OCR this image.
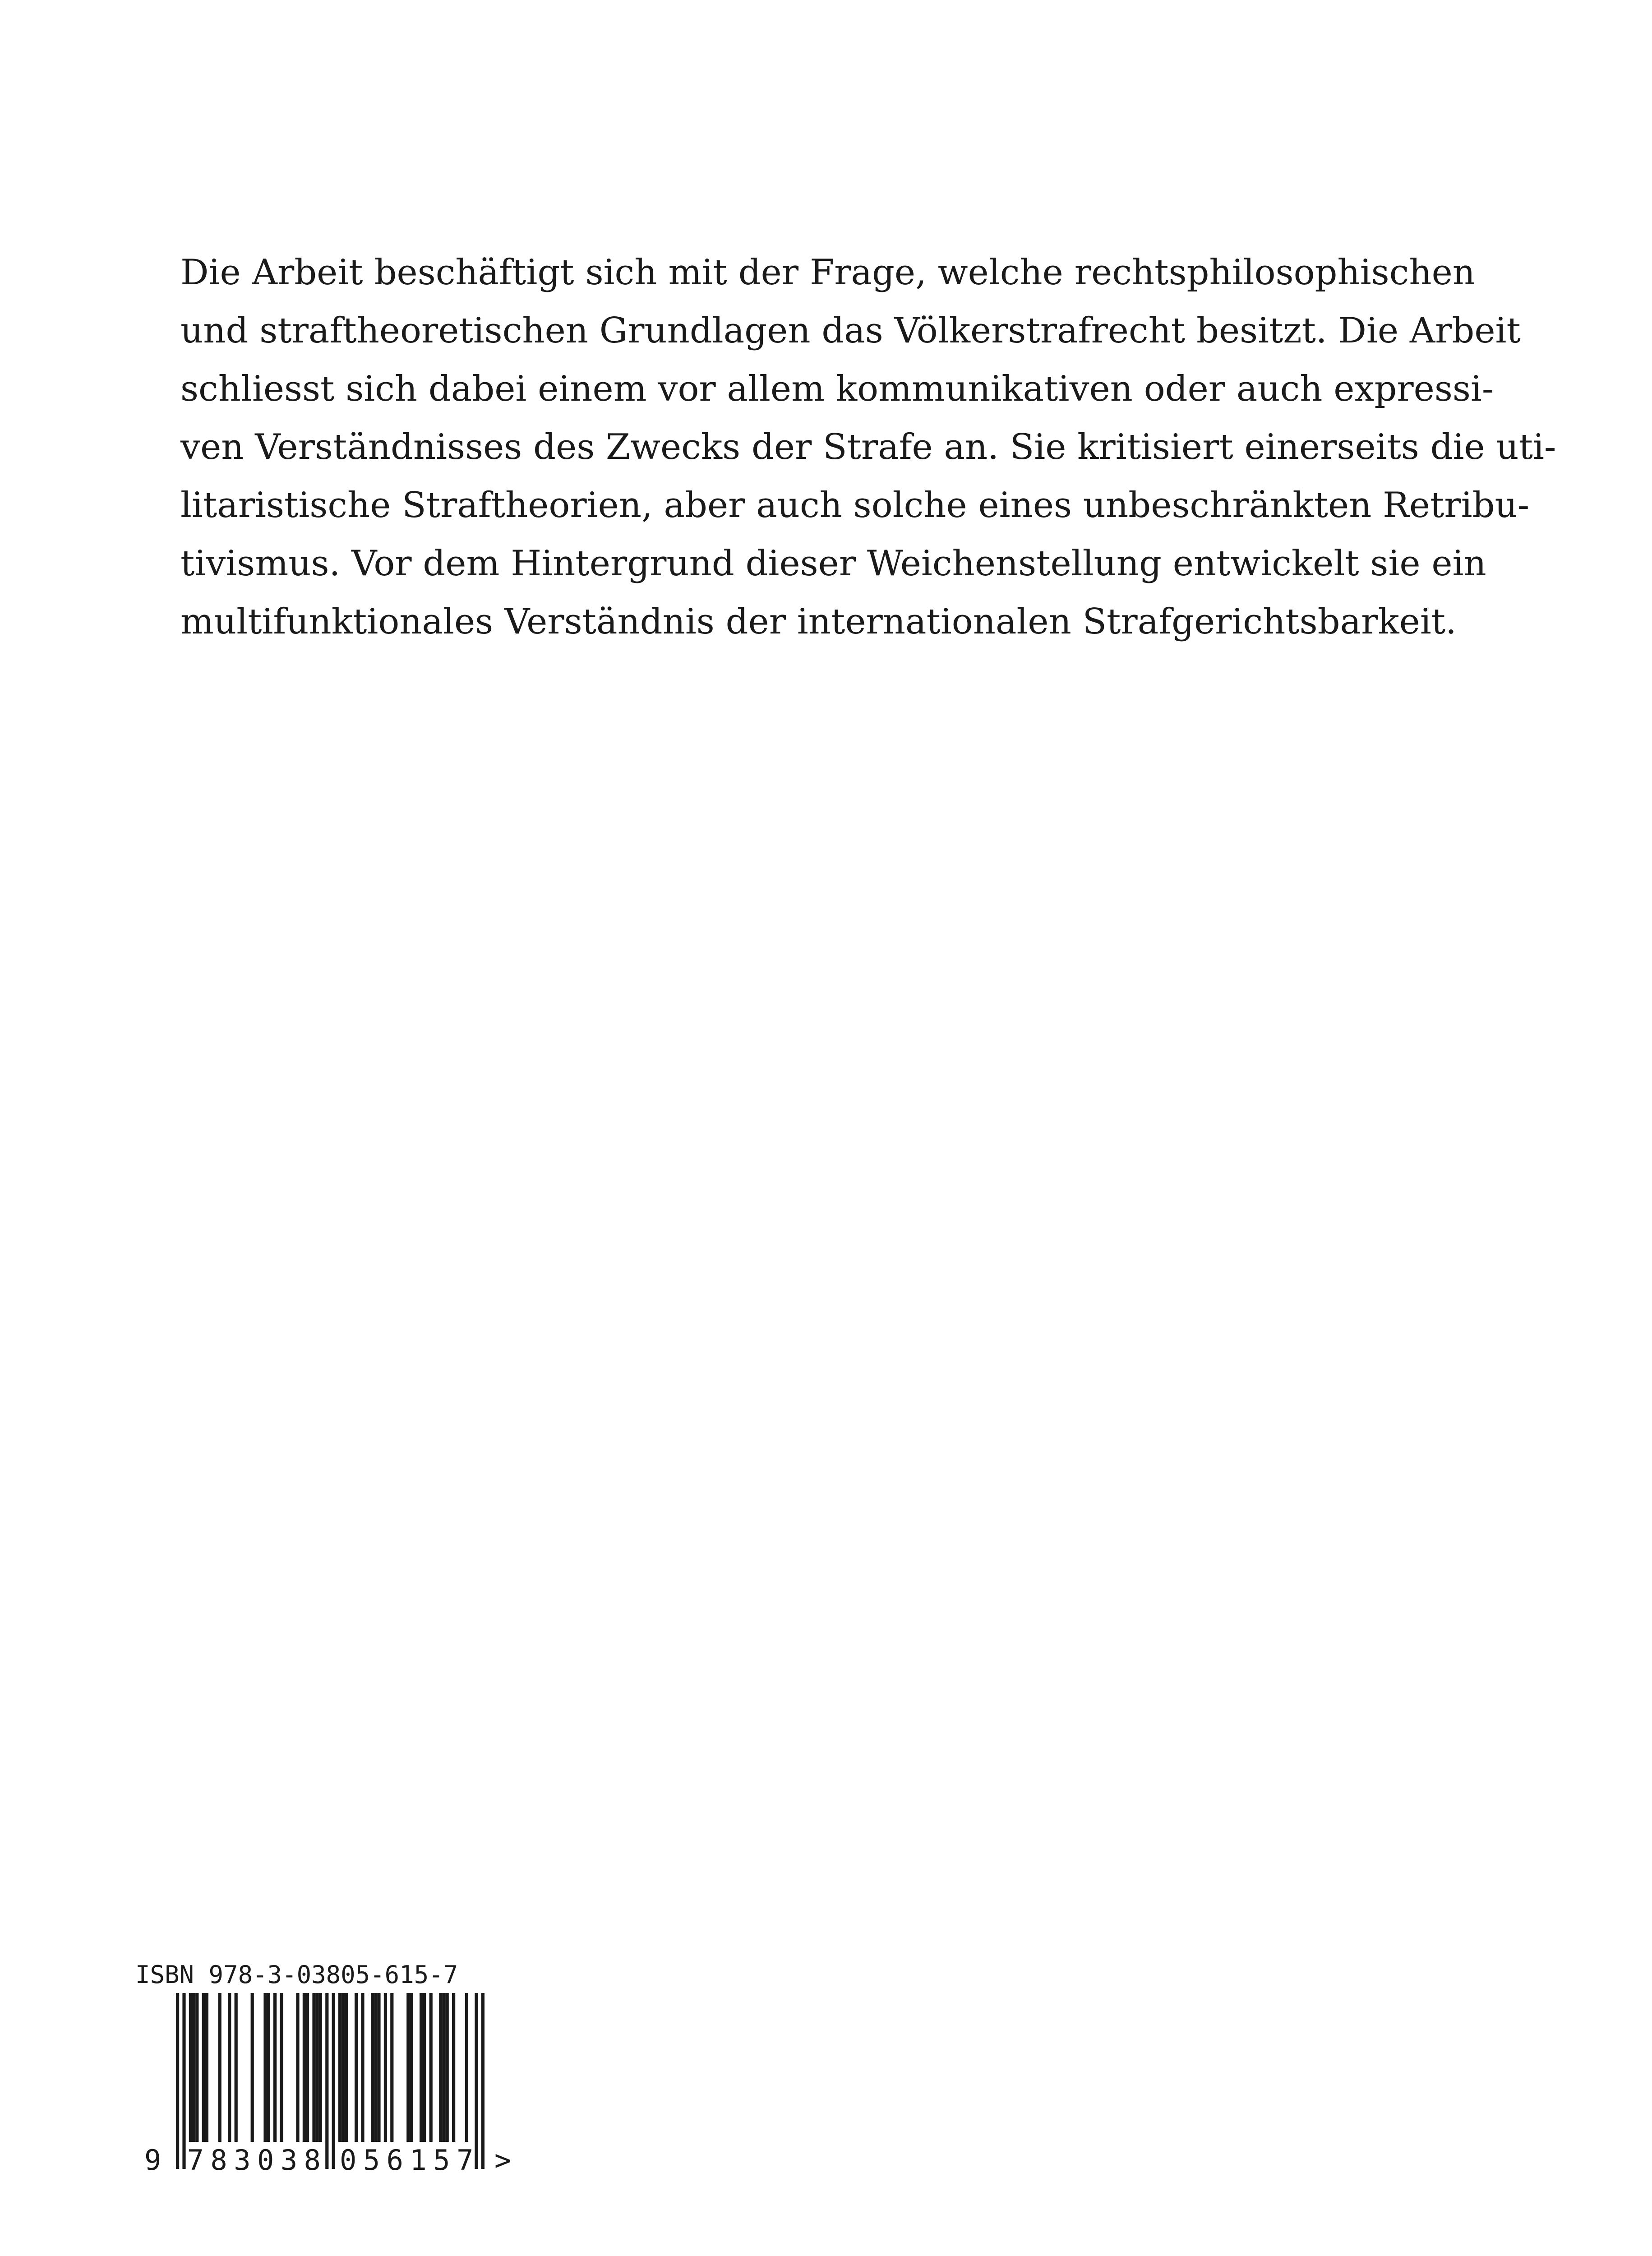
Die Arbeit beschäftigt sich mit der Frage, welche rechtsphilosophischen
und straftheoretischen Grundlagen das Völkerstrafrecht besitzt. Die Arbeit
schliesst sich dabei einem vor allem kommunikativen oder auch expressi-
ven Verständnisses des Zwecks der Strafe an. Sie kritisiert einerseits die uti-
litaristische Straftheorien, aber auch solche eines unbeschränkten Retribu-
tivismus. Vor dem Hintergrund dieser Weichenstellung entwickelt sie ein
multifunktionales Verständnis der internationalen Strafgerichtsbarkeit.

ISBN 978-3-03805-615-7
9 783038 056157 >
